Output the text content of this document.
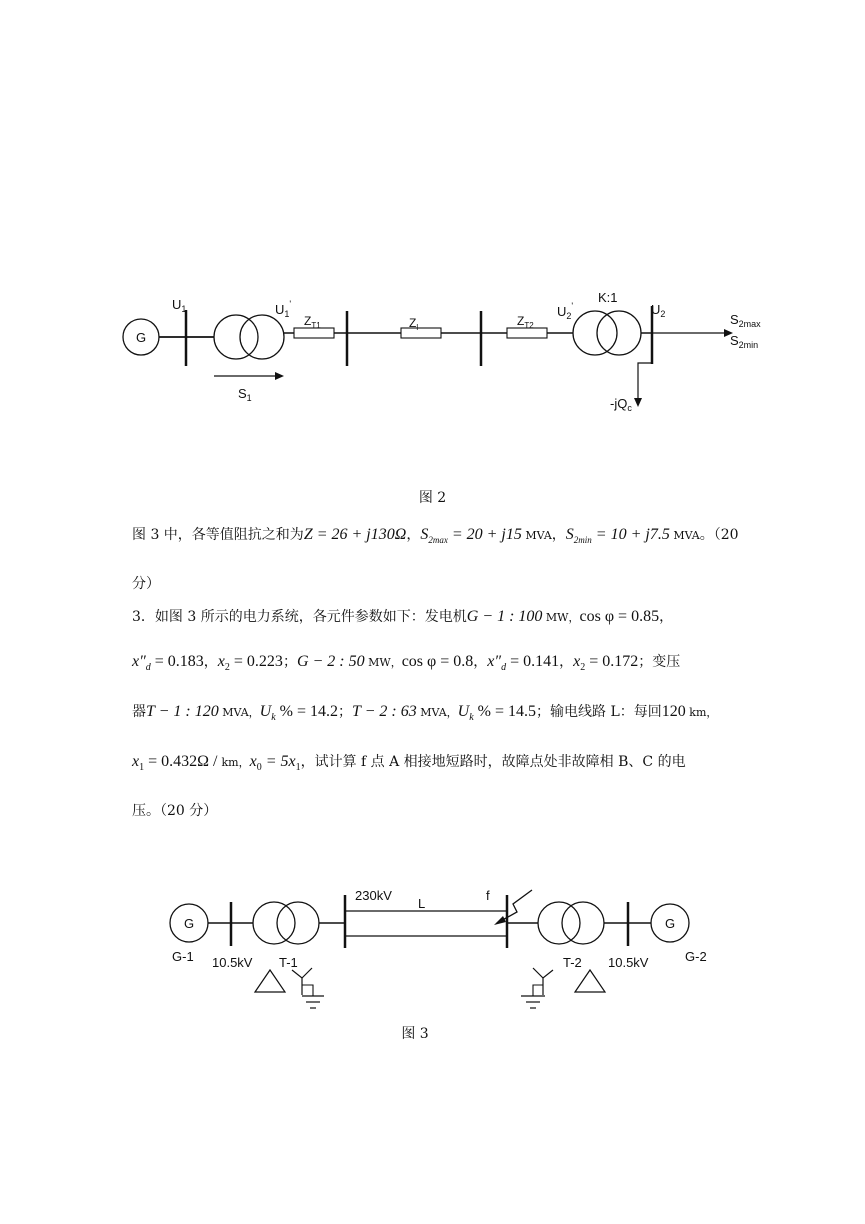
G
$U_1$	$U_1'$
$Z_{T1}$	$Z_l$	$Z_{T2}$
$U_2'$
K:1
$U_2$	$S_{2max}$
$S_{2min}$
$-jQ_c$
$S_1$
图 2
图 3 中，各等值阻抗之和为Z = 26 + j130Ω，$S_{2max} = 20 + j15$ MVA，$S_{2min} = 10 + j7.5$ MVA。（20
分）
3．如图 3 所示的电力系统，各元件参数如下：发电机G − 1 : 100 MW，cos φ = 0.85，
$x''_d = 0.183$，$x_2 = 0.223$；G − 2 : 50 MW，cos φ = 0.8，$x''_d = 0.141$，$x_2 = 0.172$；变压
器T − 1 : 120 MVA，$U_k$ % = 14.2；T − 2 : 63 MVA，$U_k$ % = 14.5；输电线路 L：每回120 km，
$x_1 = 0.432\Omega$ / km，$x_0 = 5x_1$，试计算 f 点 A 相接地短路时，故障点处非故障相 B、C 的电
压。（20 分）
G
G-1 10.5kV T-1
230kV
L
f
T-2 10.5kV
G
G-2
图 3
